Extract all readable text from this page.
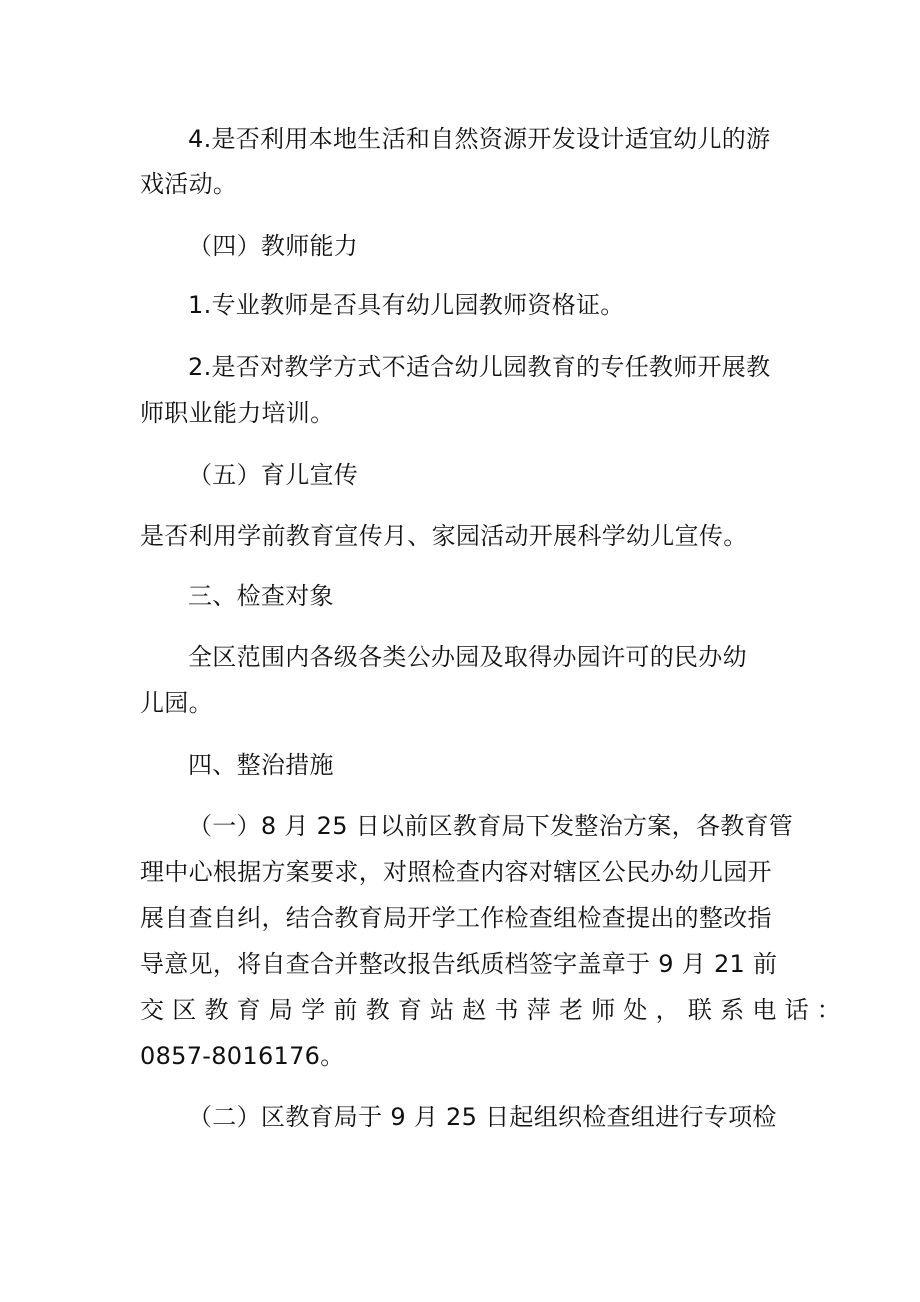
4.是否利用本地生活和自然资源开发设计适宜幼儿的游
戏活动。
（四）教师能力
1.专业教师是否具有幼儿园教师资格证。
2.是否对教学方式不适合幼儿园教育的专任教师开展教
师职业能力培训。
（五）育儿宣传
是否利用学前教育宣传月、家园活动开展科学幼儿宣传。
三、检查对象
全区范围内各级各类公办园及取得办园许可的民办幼
儿园。
四、整治措施
（一）8 月 25 日以前区教育局下发整治方案，各教育管
理中心根据方案要求，对照检查内容对辖区公民办幼儿园开
展自查自纠，结合教育局开学工作检查组检查提出的整改指
导意见，将自查合并整改报告纸质档签字盖章于 9 月 21 前
交 区 教 育 局 学 前 教 育 站 赵 书 萍 老 师 处 ， 联 系 电 话 ：
0857-8016176。
（二）区教育局于 9 月 25 日起组织检查组进行专项检
